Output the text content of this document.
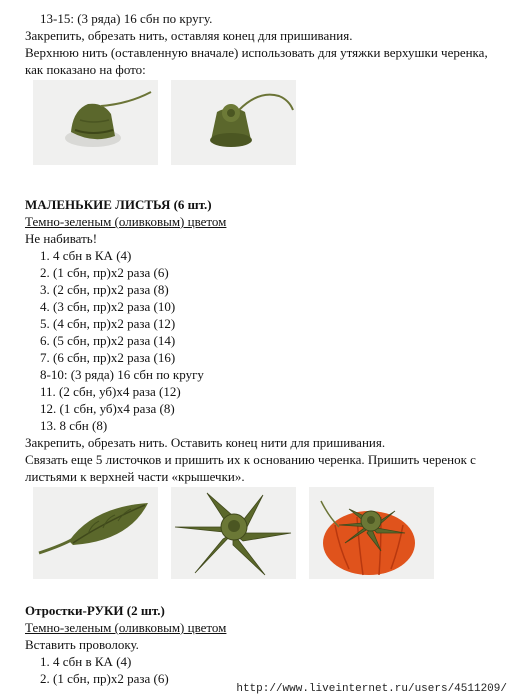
13-15: (3 ряда) 16 сбн по кругу.
Закрепить, обрезать нить, оставляя конец для пришивания.
Верхнюю нить (оставленную вначале) использовать для утяжки верхушки черенка,
как показано на фото:
МАЛЕНЬКИЕ ЛИСТЬЯ (6 шт.)
Темно-зеленым (оливковым) цветом
Не набивать!
1. 4 сбн в КА (4)
2. (1 сбн, пр)х2 раза (6)
3. (2 сбн, пр)х2 раза (8)
4. (3 сбн, пр)х2 раза (10)
5. (4 сбн, пр)х2 раза (12)
6. (5 сбн, пр)х2 раза (14)
7. (6 сбн, пр)х2 раза (16)
8-10: (3 ряда) 16 сбн по кругу
11. (2 сбн, уб)х4 раза (12)
12. (1 сбн, уб)х4 раза (8)
13. 8 сбн (8)
Закрепить, обрезать нить. Оставить конец нити для пришивания.
Связать еще 5 листочков и пришить их к основанию черенка. Пришить черенок с
листьями к верхней части «крышечки».
Отростки-РУКИ (2 шт.)
Темно-зеленым (оливковым) цветом
Вставить проволоку.
1. 4 сбн в КА (4)
2. (1 сбн, пр)х2 раза (6)
http://www.liveinternet.ru/users/4511209/
